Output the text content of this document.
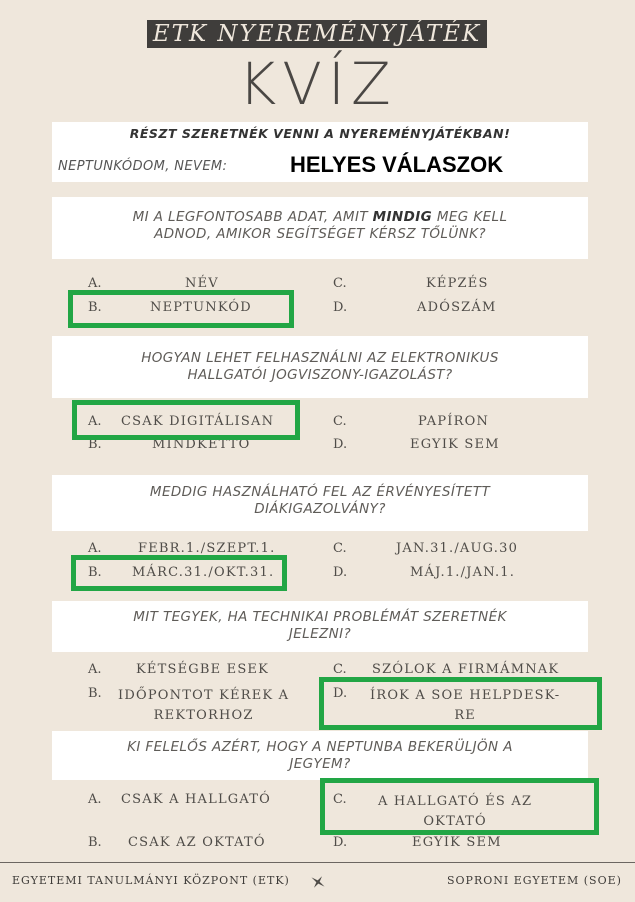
ETK NYEREMÉNYJÁTÉK
KVÍZ
RÉSZT SZERETNÉK VENNI A NYEREMÉNYJÁTÉKBAN!
NEPTUNKÓDOM, NEVEM:	HELYES VÁLASZOK
MI A LEGFONTOSABB ADAT, AMIT MINDIG MEG KELL
ADNOD, AMIKOR SEGÍTSÉGET KÉRSZ TŐLÜNK?
A.	NÉV
B.	NEPTUNKÓD
C.	KÉPZÉS
D.	ADÓSZÁM
HOGYAN LEHET FELHASZNÁLNI AZ ELEKTRONIKUS
HALLGATÓI JOGVISZONY-IGAZOLÁST?
A. CSAK DIGITÁLISAN
B.	MINDKETTŐ
C.	PAPÍRON
D.	EGYIK SEM
MEDDIG HASZNÁLHATÓ FEL AZ ÉRVÉNYESÍTETT
DIÁKIGAZOLVÁNY?
A.	FEBR.1./SZEPT.1.
B. MÁRC.31./OKT.31.
C.	JAN.31./AUG.30
D.	MÁJ.1./JAN.1.
MIT TEGYEK, HA TECHNIKAI PROBLÉMÁT SZERETNÉK
JELEZNI?
A.	KÉTSÉGBE ESEK
B. IDŐPONTOT KÉREK A
REKTORHOZ
C. SZÓLOK A FIRMÁMNAK
D. ÍROK A SOE HELPDESK-
RE
KI FELELŐS AZÉRT, HOGY A NEPTUNBA BEKERÜLJÖN A
JEGYEM?
A. CSAK A HALLGATÓ
B. CSAK AZ OKTATÓ
C. A HALLGATÓ ÉS AZ
OKTATÓ
D.	EGYIK SEM
EGYETEMI TANULMÁNYI KÖZPONT (ETK)	SOPRONI EGYETEM (SOE)
